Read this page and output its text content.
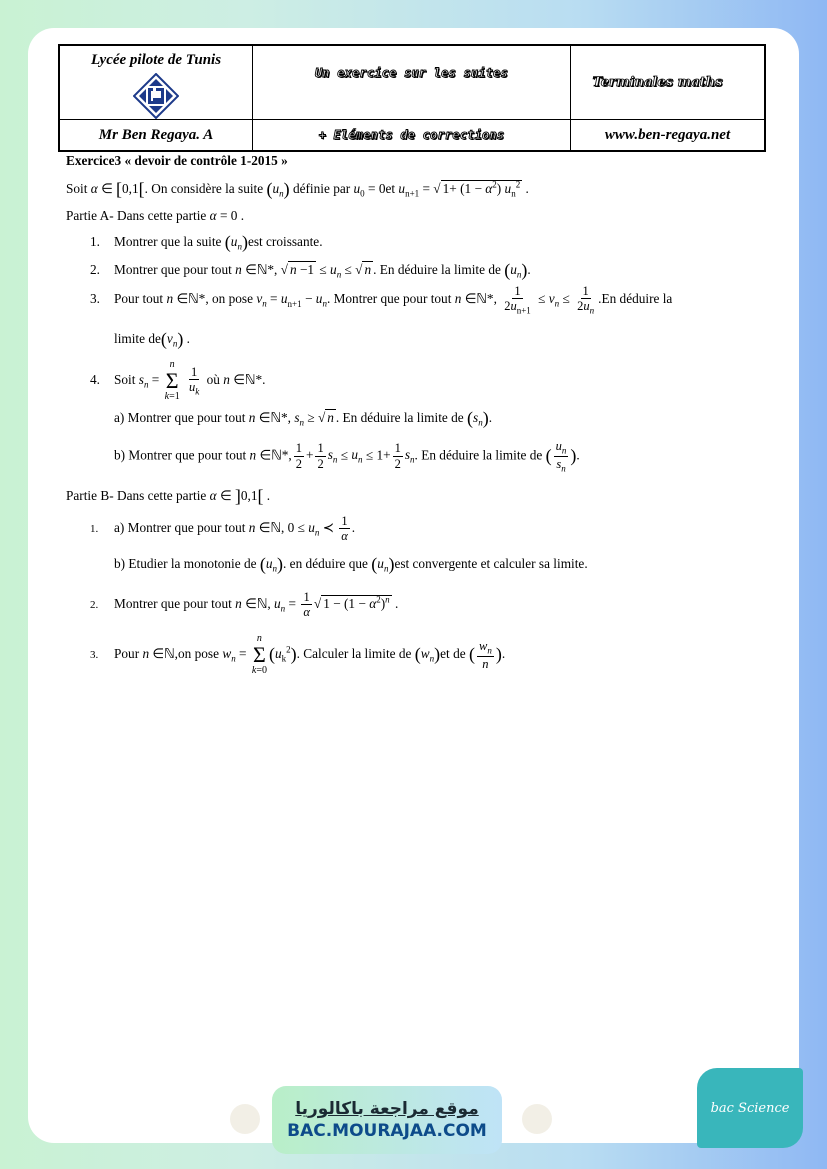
Lycée pilote de Tunis
Un exercice sur les suites
Terminales maths
Mr Ben Regaya. A	+ Eléments de corrections	www.ben-regaya.net
Exercice3 « devoir de contrôle 1-2015 »
Soit α ∈ [0,1[. On considère la suite $(u_n)$ définie par $u_0 = 0et$ $u_{n+1}$ = √ $1+ (1 - \alpha^2)$ $u_n^2$ .
Partie A- Dans cette partie α = 0 .
1. Montrer que la suite $(u_n)est$ croissante.
2. Montrer que pour tout n ∈ℕ*, √ $n -1 \le u_n$ ≤ √ n . En déduire la limite de $(u_n)$.
3. Pour tout n ∈ℕ*, on pose $v_n = u_{n+1} - u_n$. Montrer que pour tout n ∈ℕ*, $\frac{1}{2u_{n+1}} \le v_n \le \frac{1}{2u_n} .En$ déduire la
limite $de(v_n)$ .
4. Soit $s_n$ =
n
Σ
k=1
$\frac{1}{u_k}$ où n ∈ℕ*.
a) Montrer que pour tout n ∈ℕ*, $s_n$ ≥ √ n . En déduire la limite de $(s_n)$.
b) Montrer que pour tout n ∈ℕ*, $\frac{1}{2} + \frac{1}{2} s_n \le u_n \le 1+ \frac{1}{2} s_n$. En déduire la limite de ( $\frac{u_n}{s_n}$ ).
Partie B- Dans cette partie α ∈ ]0,1[ .
1. a) Montrer que pour tout n ∈ℕ, $0 \le u_n$ ≺ $\frac{1}{\alpha}$ .
b) Etudier la monotonie de $(u_n)$. en déduire que $(u_n)est$ convergente et calculer sa limite.
2. Montrer que pour tout n ∈ℕ, $u_n = \frac{1}{\alpha}$ √ $1 - (1 - \alpha^2)^n$ .
3. Pour n ∈ℕ,on pose $w_n$ =
n
Σ
k=0
$(u_k^2)$. Calculer la limite de $(w_n)et$ de ( $\frac{w_n}{n}$ ).
موقع مراجعة باكالوريا
BAC.MOURAJAA.COM
bac Science
